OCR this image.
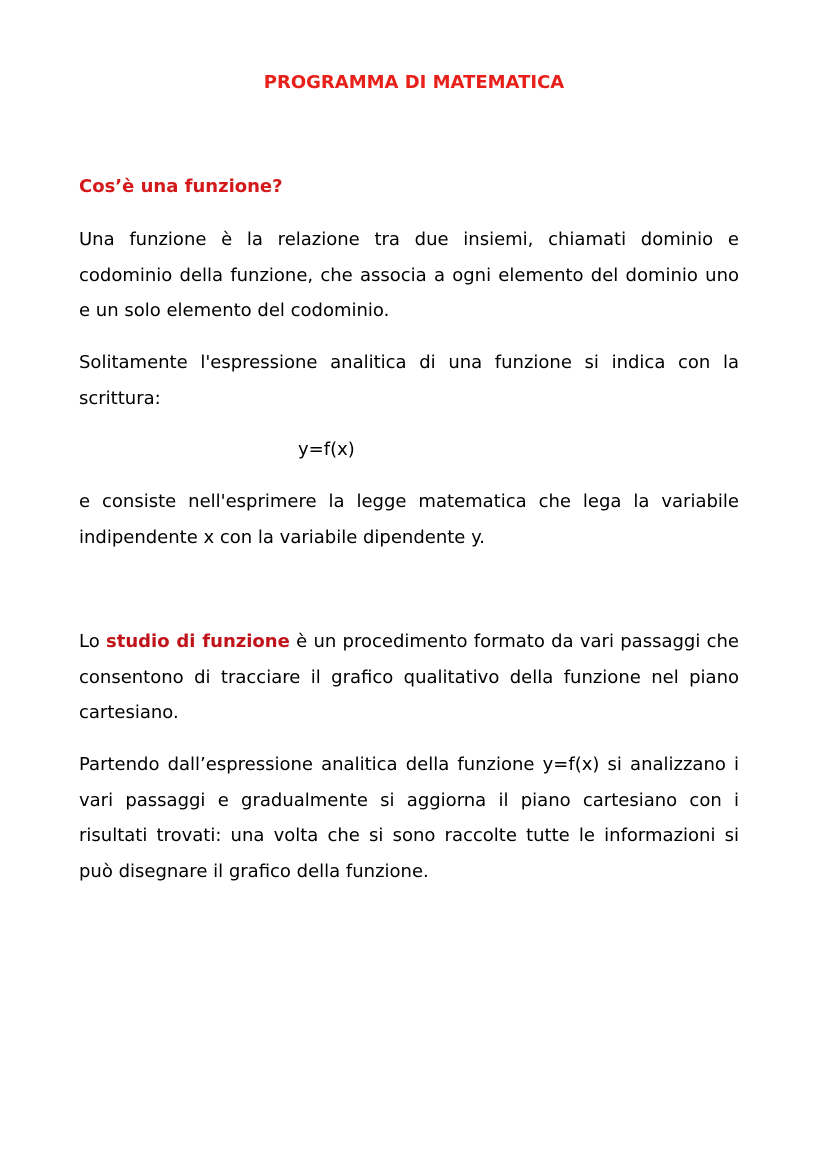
PROGRAMMA DI MATEMATICA
Cos’è una funzione?

Una funzione è la relazione tra due insiemi, chiamati dominio e codominio della funzione, che associa a ogni elemento del dominio uno e un solo elemento del codominio.

Solitamente l'espressione analitica di una funzione si indica con la scrittura:

y=f(x)

e consiste nell'esprimere la legge matematica che lega la variabile indipendente x con la variabile dipendente y.

Lo studio di funzione è un procedimento formato da vari passaggi che consentono di tracciare il grafico qualitativo della funzione nel piano cartesiano.

Partendo dall’espressione analitica della funzione y=f(x) si analizzano i vari passaggi e gradualmente si aggiorna il piano cartesiano con i risultati trovati: una volta che si sono raccolte tutte le informazioni si può disegnare il grafico della funzione.
